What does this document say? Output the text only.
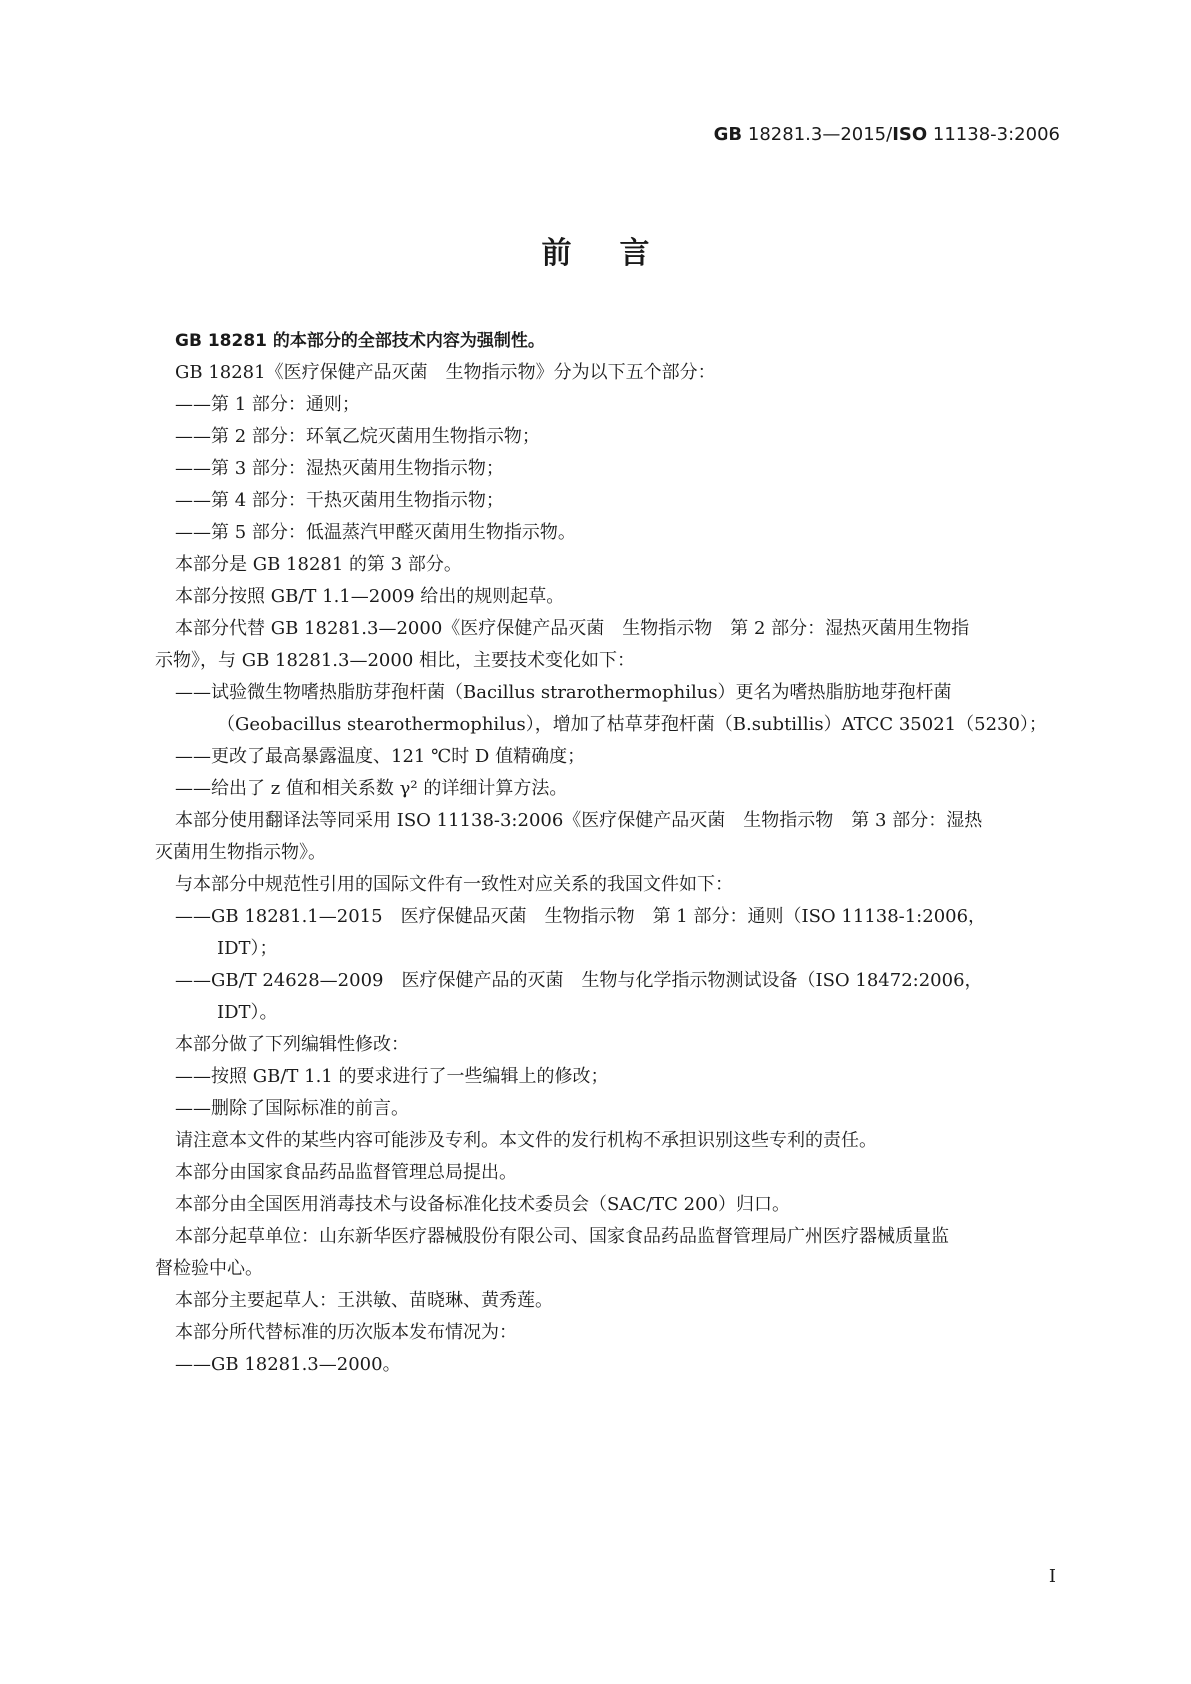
GB 18281.3—2015/ISO 11138-3:2006
前言
GB 18281 的本部分的全部技术内容为强制性。
GB 18281《医疗保健产品灭菌　生物指示物》分为以下五个部分：
——第 1 部分：通则；
——第 2 部分：环氧乙烷灭菌用生物指示物；
——第 3 部分：湿热灭菌用生物指示物；
——第 4 部分：干热灭菌用生物指示物；
——第 5 部分：低温蒸汽甲醛灭菌用生物指示物。
本部分是 GB 18281 的第 3 部分。
本部分按照 GB/T 1.1—2009 给出的规则起草。
本部分代替 GB 18281.3—2000《医疗保健产品灭菌　生物指示物　第 2 部分：湿热灭菌用生物指
示物》，与 GB 18281.3—2000 相比，主要技术变化如下：
——试验微生物嗜热脂肪芽孢杆菌（Bacillus strarothermophilus）更名为嗜热脂肪地芽孢杆菌
（Geobacillus stearothermophilus），增加了枯草芽孢杆菌（B.subtillis）ATCC 35021（5230）；
——更改了最高暴露温度、121 ℃时 D 值精确度；
——给出了 z 值和相关系数 γ² 的详细计算方法。
本部分使用翻译法等同采用 ISO 11138-3:2006《医疗保健产品灭菌　生物指示物　第 3 部分：湿热
灭菌用生物指示物》。
与本部分中规范性引用的国际文件有一致性对应关系的我国文件如下：
——GB 18281.1—2015　医疗保健品灭菌　生物指示物　第 1 部分：通则（ISO 11138-1:2006，
IDT）；
——GB/T 24628—2009　医疗保健产品的灭菌　生物与化学指示物测试设备（ISO 18472:2006，
IDT）。
本部分做了下列编辑性修改：
——按照 GB/T 1.1 的要求进行了一些编辑上的修改；
——删除了国际标准的前言。
请注意本文件的某些内容可能涉及专利。本文件的发行机构不承担识别这些专利的责任。
本部分由国家食品药品监督管理总局提出。
本部分由全国医用消毒技术与设备标准化技术委员会（SAC/TC 200）归口。
本部分起草单位：山东新华医疗器械股份有限公司、国家食品药品监督管理局广州医疗器械质量监
督检验中心。
本部分主要起草人：王洪敏、苗晓琳、黄秀莲。
本部分所代替标准的历次版本发布情况为：
——GB 18281.3—2000。
I
